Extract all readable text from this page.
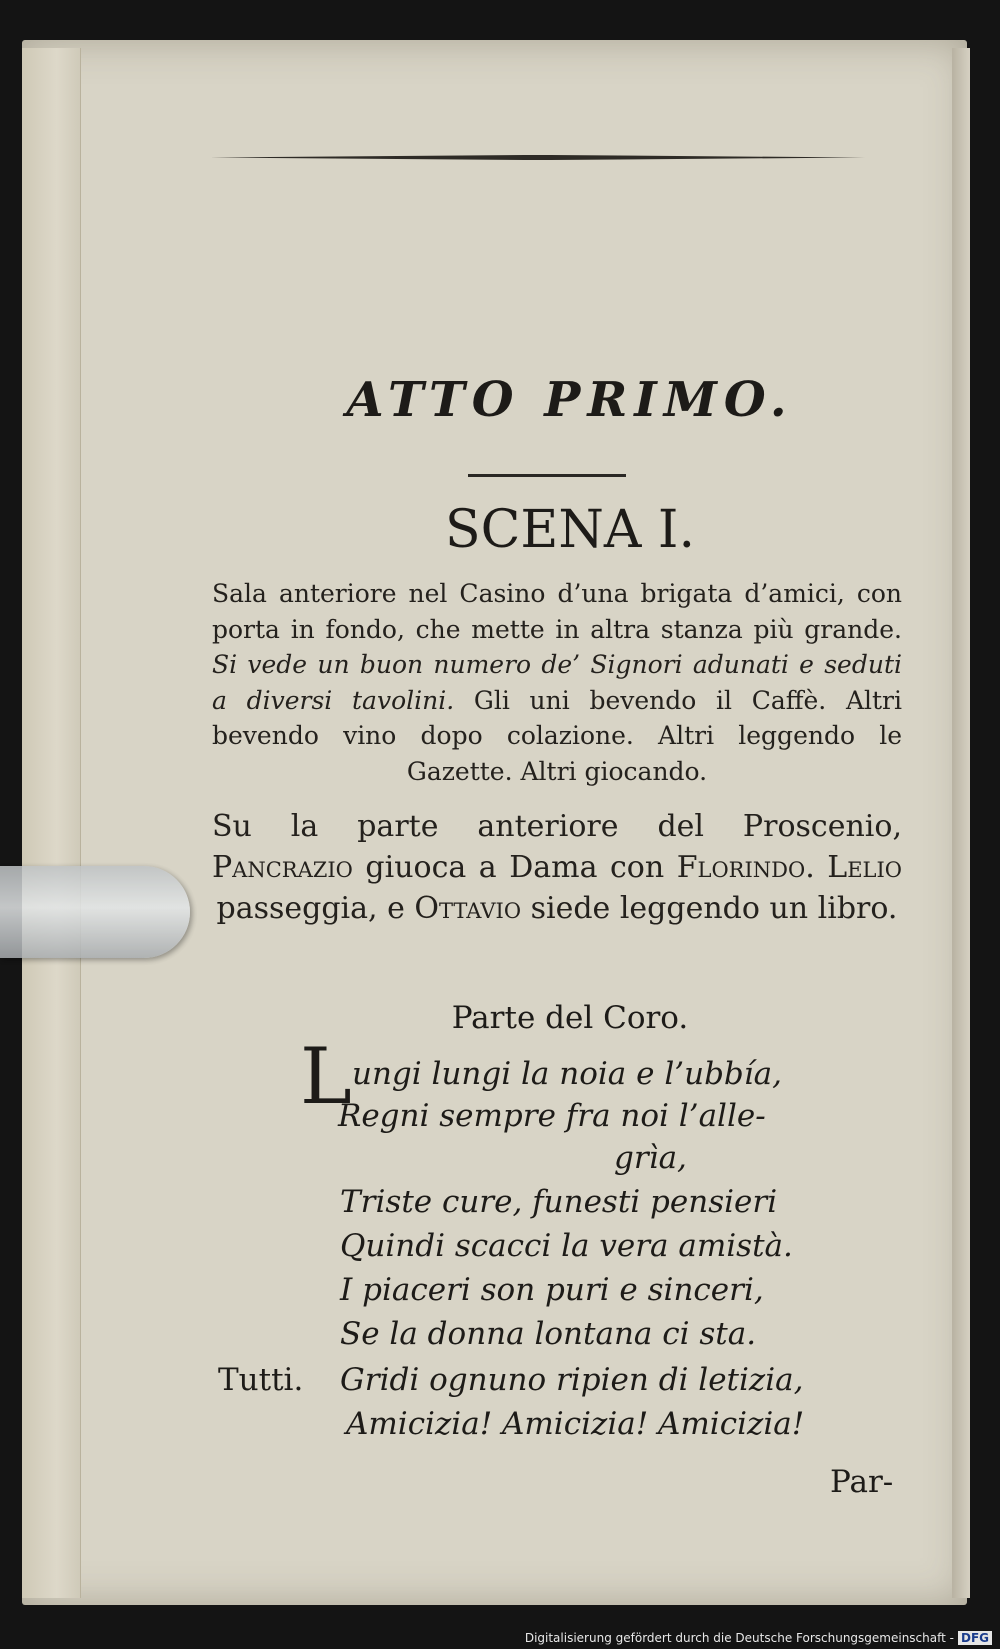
ATTO PRIMO.
SCENA I.
Sala anteriore nel Casino d’una brigata d’amici, con porta in fondo, che mette in altra stanza più grande. Si vede un buon numero de’ Signori adunati e seduti a diversi tavolini. Gli uni bevendo il Caffè. Altri bevendo vino dopo colazione. Altri leggendo le Gazette. Altri giocando.
Su la parte anteriore del Proscenio, Pancrazio giuoca a Dama con Florindo. Lelio passeggia, e Ottavio siede leggendo un libro.
Parte del Coro.
L ungi lungi la noia e l’ubbía,
Regni sempre fra noi l’alle-
grìa,
Triste cure, funesti pensieri
Quindi scacci la vera amistà.
I piaceri son puri e sinceri,
Se la donna lontana ci sta.
Tutti. Gridi ognuno ripien di letizia,
Amicizia! Amicizia! Amicizia!
Par-
Digitalisierung gefördert durch die Deutsche Forschungsgemeinschaft - DFG
